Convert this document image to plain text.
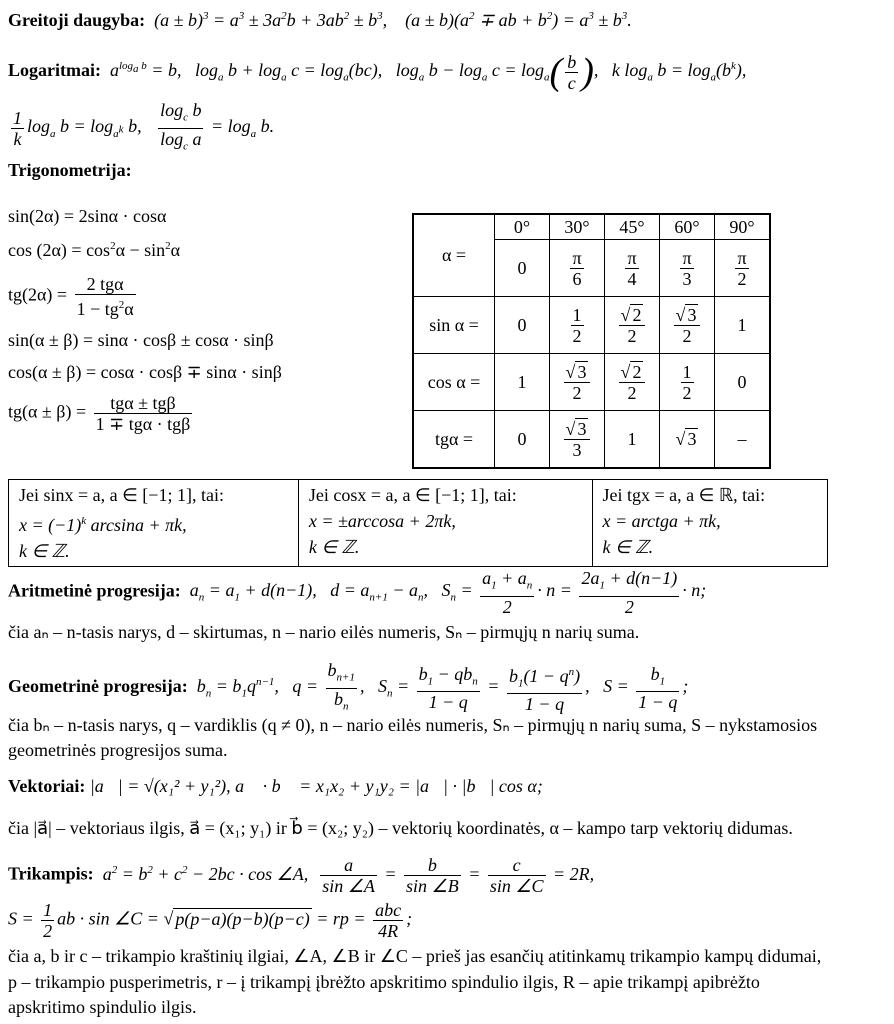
Greitoji daugyba:  $(a \pm b)^3 = a^3 \pm 3a^2b + 3ab^2 \pm b^3$,    $(a \pm b)(a^2$ ∓ ab + $b^2) = a^3 \pm b^3$.
Logaritmai:  $a^{log_a b} = b$,   $\log_a b + \log_a c = \log_a(bc)$,   $\log_a b - \log_a c = \log_a( \frac{b}{c}$ ),   k $\log_a b = \log_a(b^k)$,
$\frac{1}{k} \log_a b = \log_{a^k} b$, $\frac{\log_c b}{\log_c a} = \log_a b$.
Trigonometrija:
sin(2α) = 2sinα · cosα
$\cos (2\alpha) = \cos^2\alpha - \sin^2\alpha$
$tg(2\alpha) = \frac{\text{2 tgα}}{1 - tg^2\alpha}$
sin(α ± β) = sinα · cosβ ± cosα · sinβ
cos(α ± β) = cosα · cosβ ∓ sinα · sinβ
$tg(\alpha \pm \beta) = \frac{\text{tgα ± tgβ}}{\text{1 ∓ tgα · tgβ}}$
α =	0°	30°	45°	60°	90°
	0	$\frac{\pi}{6}$	$\frac{\pi}{4}$	$\frac{\pi}{3}$	$\frac{\pi}{2}$

sin α =	0	$\frac{1}{2}$	$\frac{√ 2}{2}$	$\frac{√ 3}{2}$	1
cos α =	1	$\frac{√ 3}{2}$	$\frac{√ 2}{2}$	$\frac{1}{2}$	0
tgα =	0	$\frac{√ 3}{3}$	1	√ 3	–
Jei sinx = a, a ∈ [−1; 1], tai:
$x = (-1)^k$ arcsina + πk,
k ∈ ℤ.

Jei cosx = a, a ∈ [−1; 1], tai:
x = ±arccosa + 2πk,
k ∈ ℤ.

Jei tgx = a, a ∈ ℝ, tai:
x = arctga + πk,
k ∈ ℤ.
Aritmetinė progresija:  $a_n = a_1 + d(n-1)$,   $d = a_{n+1} - a_n$,   $S_n = \frac{a_1 + a_n}{2} \cdot n = \frac{2a_1 + d(n-1)}{2} \cdot n$;
čia aₙ – n-tasis narys, d – skirtumas, n – nario eilės numeris, Sₙ – pirmųjų n narių suma.
Geometrinė progresija:  $b_n = b_1q^{n-1}$,   $q = \frac{b_{n+1}}{b_n}$ ,   $S_n = \frac{b_1 - qb_n}{1 - q} = \frac{b_1(1 - q^n)}{1 - q}$ ,   $S = \frac{b_1}{1 - q}$ ;
čia bₙ – n-tasis narys, q – vardiklis (q ≠ 0), n – nario eilės numeris, Sₙ – pirmųjų n narių suma, S – nykstamosios
geometrinės progresijos suma.
Vektoriai: |a⃗| = √(x₁² + y₁²), a⃗ · b⃗ = x₁x₂ + y₁y₂ = |a⃗| · |b⃗| cos α;
čia |a⃗| – vektoriaus ilgis, a⃗ = (x₁; y₁) ir b⃗ = (x₂; y₂) – vektorių koordinatės, α – kampo tarp vektorių didumas.
Trikampis:  $a^2 = b^2 + c^2 - 2bc \cdot \cos$ ∠A, $\frac{a}{\sin \angle A} = \frac{b}{\sin \angle B} = \frac{c}{\sin \angle C} = 2R$,
$S = \frac{1}{2}$ ab · sin ∠C = √ p(p−a)(p−b)(p−c) = rp = $\frac{\text{abc}}{4R}$ ;
čia a, b ir c – trikampio kraštinių ilgiai, ∠A, ∠B ir ∠C – prieš jas esančių atitinkamų trikampio kampų didumai,
p – trikampio pusperimetris, r – į trikampį įbrėžto apskritimo spindulio ilgis, R – apie trikampį apibrėžto
apskritimo spindulio ilgis.
